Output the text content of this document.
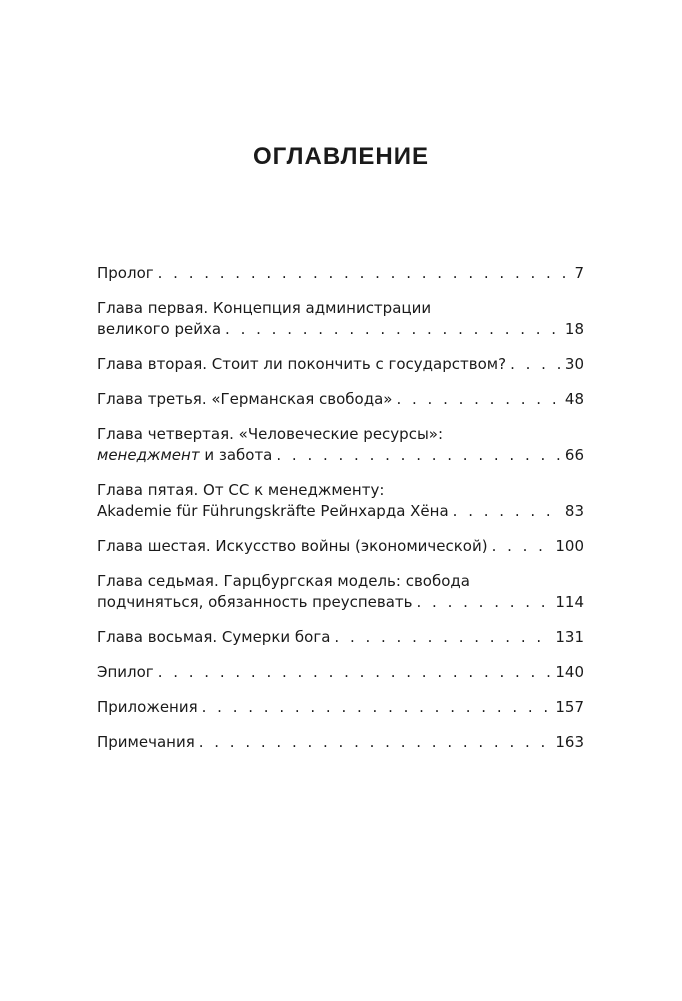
ОГЛАВЛЕНИЕ
Пролог . . .	7
Глава первая. Концепция администрации
великого рейха . . .	18
Глава вторая. Стоит ли покончить с государством? . . .	30
Глава третья. «Германская свобода» . . .	48
Глава четвертая. «Человеческие ресурсы»:
менеджмент и забота . . .	66
Глава пятая. От СС к менеджменту:
Akademie für Führungskräfte Рейнхарда Хёна . . .	83
Глава шестая. Искусство войны (экономической) . . .	100
Глава седьмая. Гарцбургская модель: свобода
подчиняться, обязанность преуспевать . . .	114
Глава восьмая. Сумерки бога . . .	131
Эпилог . . .	140
Приложения . . .	157
Примечания . . .	163
